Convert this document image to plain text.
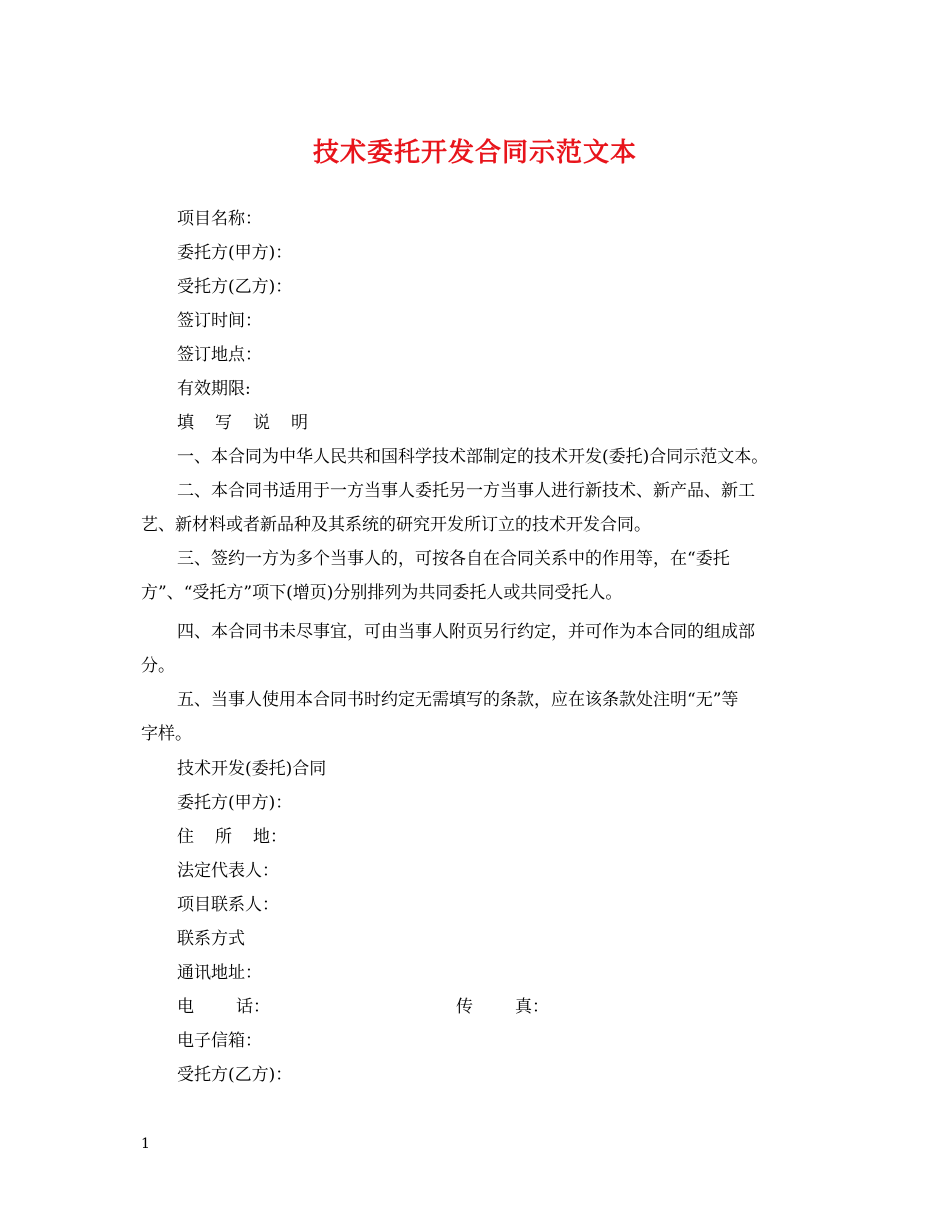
技术委托开发合同示范文本
项目名称：
委托方(甲方)：
受托方(乙方)：
签订时间：
签订地点：
有效期限:
填 写 说 明
一、本合同为中华人民共和国科学技术部制定的技术开发(委托)合同示范文本。
二、本合同书适用于一方当事人委托另一方当事人进行新技术、新产品、新工
艺、新材料或者新品种及其系统的研究开发所订立的技术开发合同。
三、签约一方为多个当事人的，可按各自在合同关系中的作用等，在“委托
方”、“受托方”项下(增页)分别排列为共同委托人或共同受托人。
四、本合同书未尽事宜，可由当事人附页另行约定，并可作为本合同的组成部
分。
五、当事人使用本合同书时约定无需填写的条款，应在该条款处注明“无”等
字样。
技术开发(委托)合同
委托方(甲方)：
住 所 地：
法定代表人：
项目联系人：
联系方式
通讯地址：
电 话：	传 真：
电子信箱：
受托方(乙方)：
1
